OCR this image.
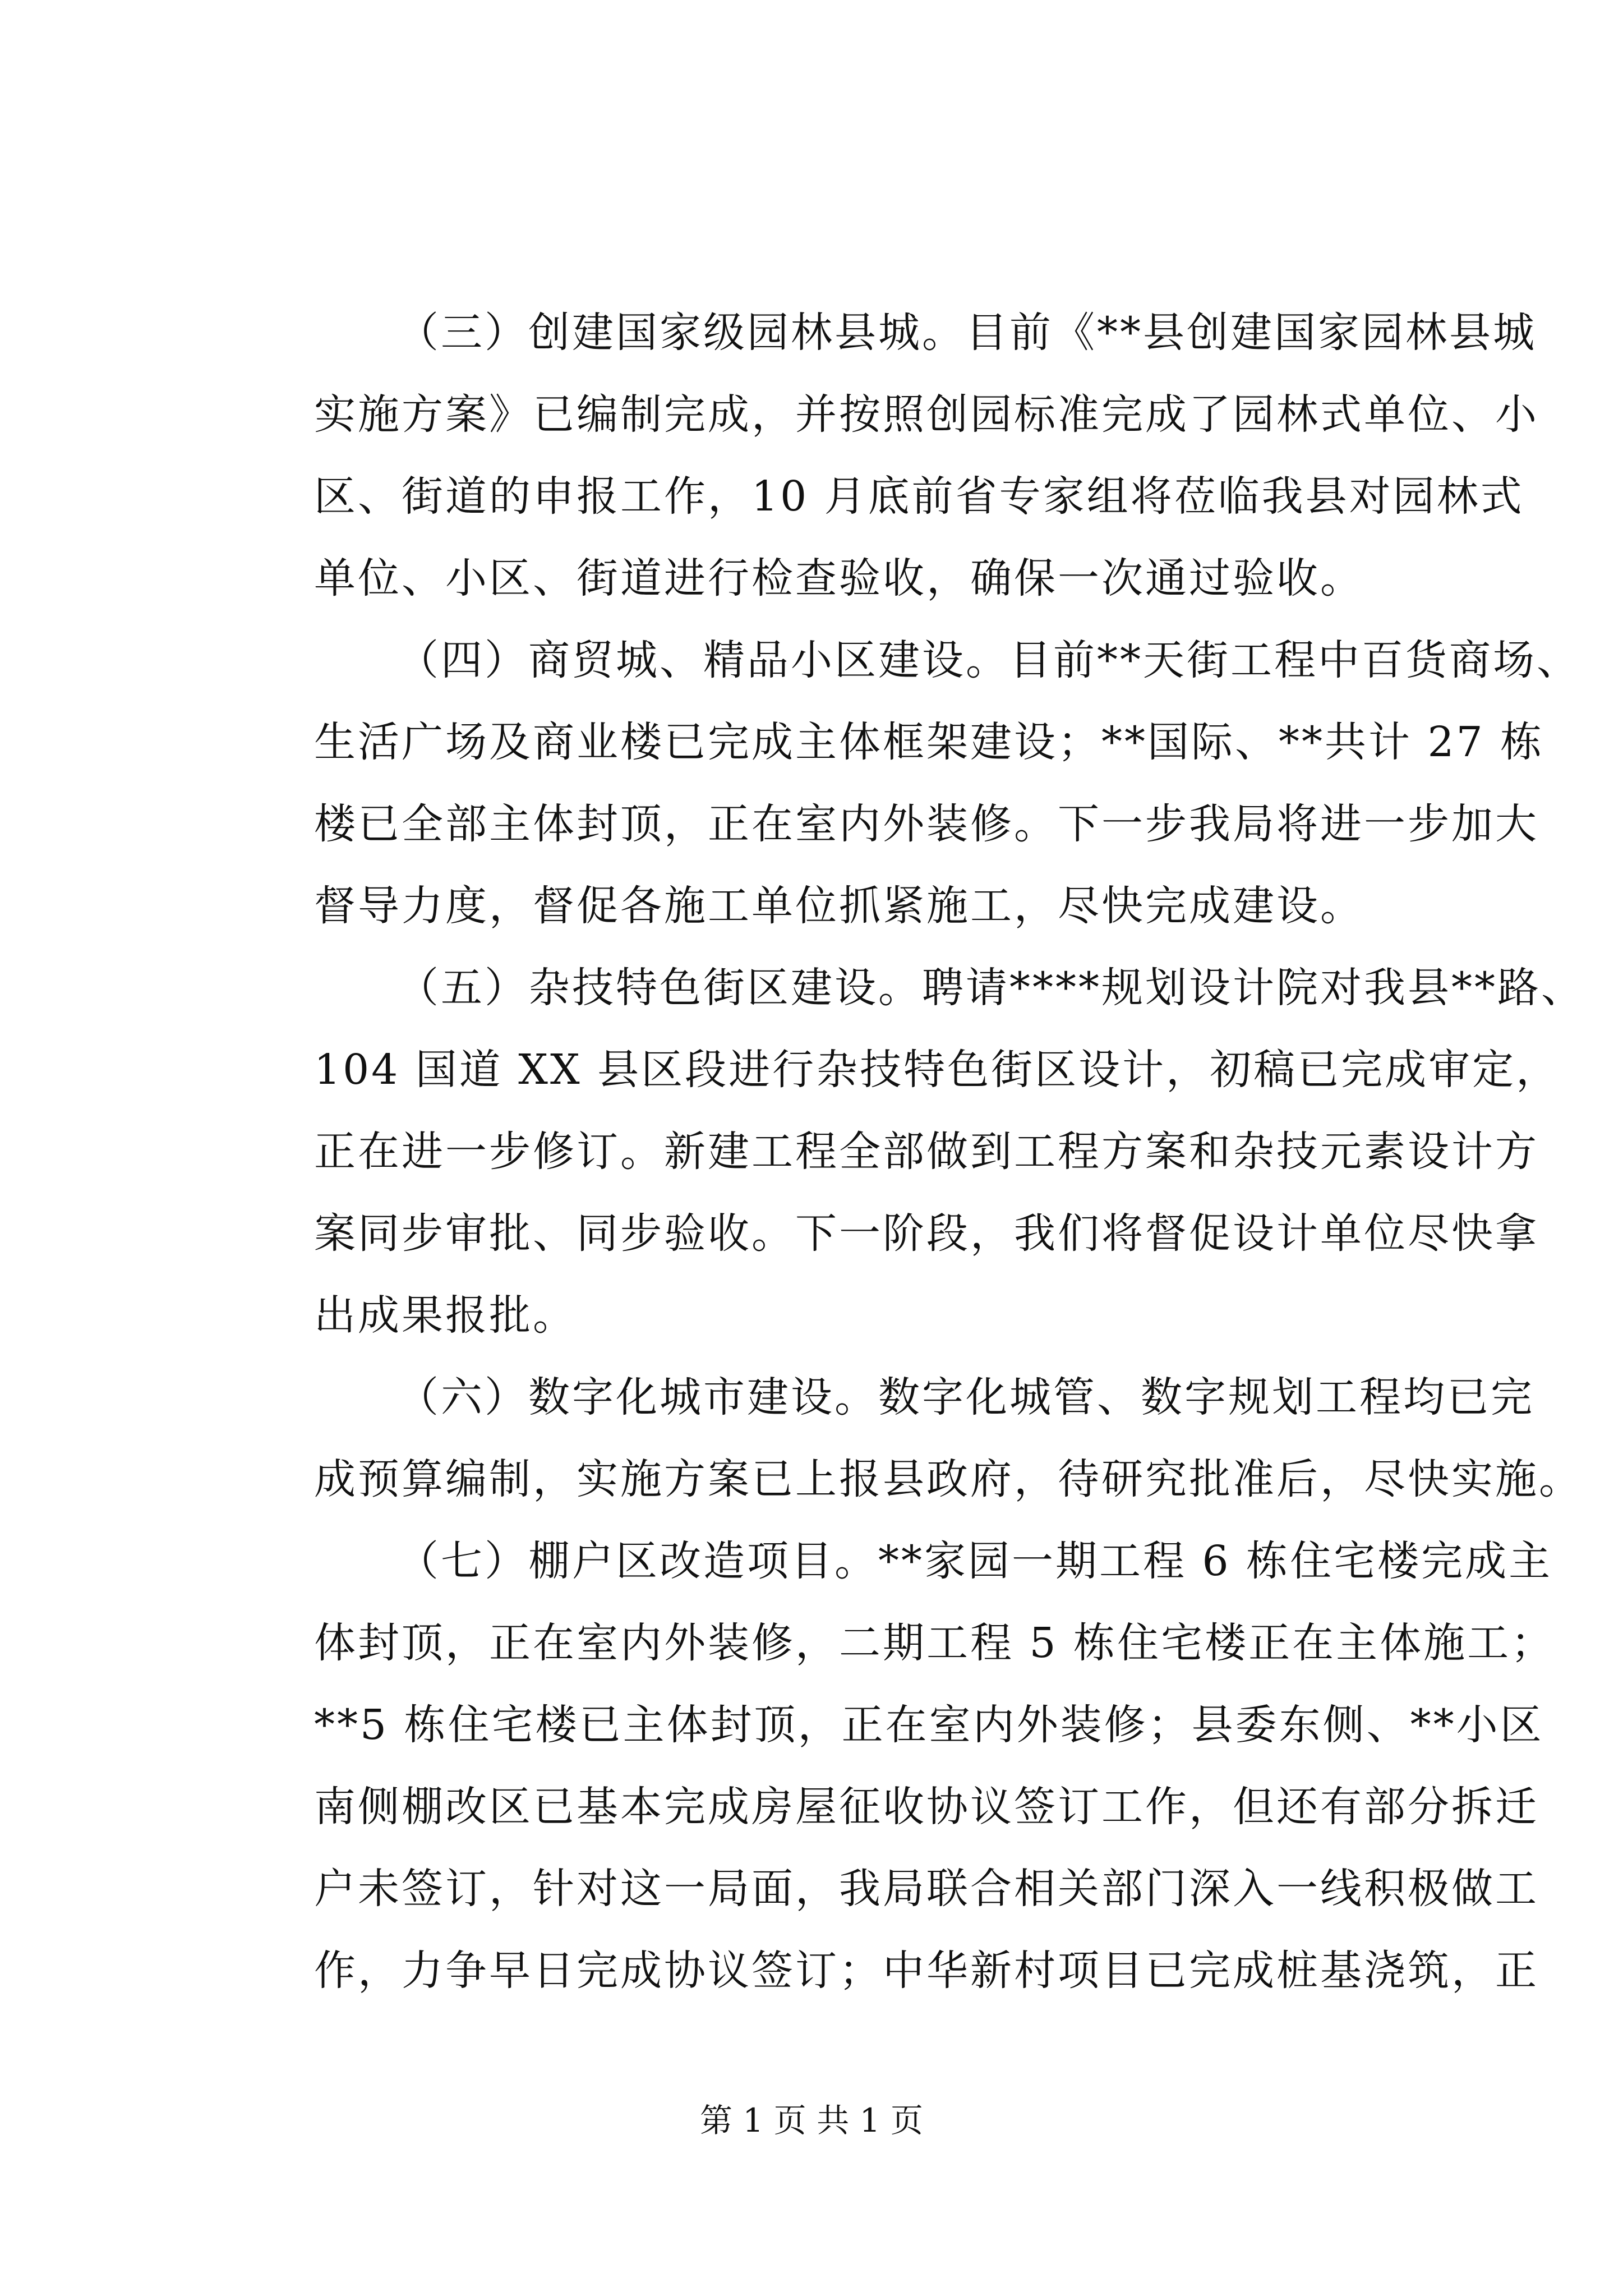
（三）创建国家级园林县城。目前《**县创建国家园林县城
实施方案》已编制完成，并按照创园标准完成了园林式单位、小
区、街道的申报工作，10 月底前省专家组将莅临我县对园林式
单位、小区、街道进行检查验收，确保一次通过验收。
（四）商贸城、精品小区建设。目前**天街工程中百货商场、
生活广场及商业楼已完成主体框架建设；**国际、**共计 27 栋
楼已全部主体封顶，正在室内外装修。下一步我局将进一步加大
督导力度，督促各施工单位抓紧施工，尽快完成建设。
（五）杂技特色街区建设。聘请****规划设计院对我县**路、
104 国道 XX 县区段进行杂技特色街区设计，初稿已完成审定，
正在进一步修订。新建工程全部做到工程方案和杂技元素设计方
案同步审批、同步验收。下一阶段，我们将督促设计单位尽快拿
出成果报批。
（六）数字化城市建设。数字化城管、数字规划工程均已完
成预算编制，实施方案已上报县政府，待研究批准后，尽快实施。
（七）棚户区改造项目。**家园一期工程 6 栋住宅楼完成主
体封顶，正在室内外装修，二期工程 5 栋住宅楼正在主体施工；
**5 栋住宅楼已主体封顶，正在室内外装修；县委东侧、**小区
南侧棚改区已基本完成房屋征收协议签订工作，但还有部分拆迁
户未签订，针对这一局面，我局联合相关部门深入一线积极做工
作，力争早日完成协议签订；中华新村项目已完成桩基浇筑，正
第 1 页 共 1 页
